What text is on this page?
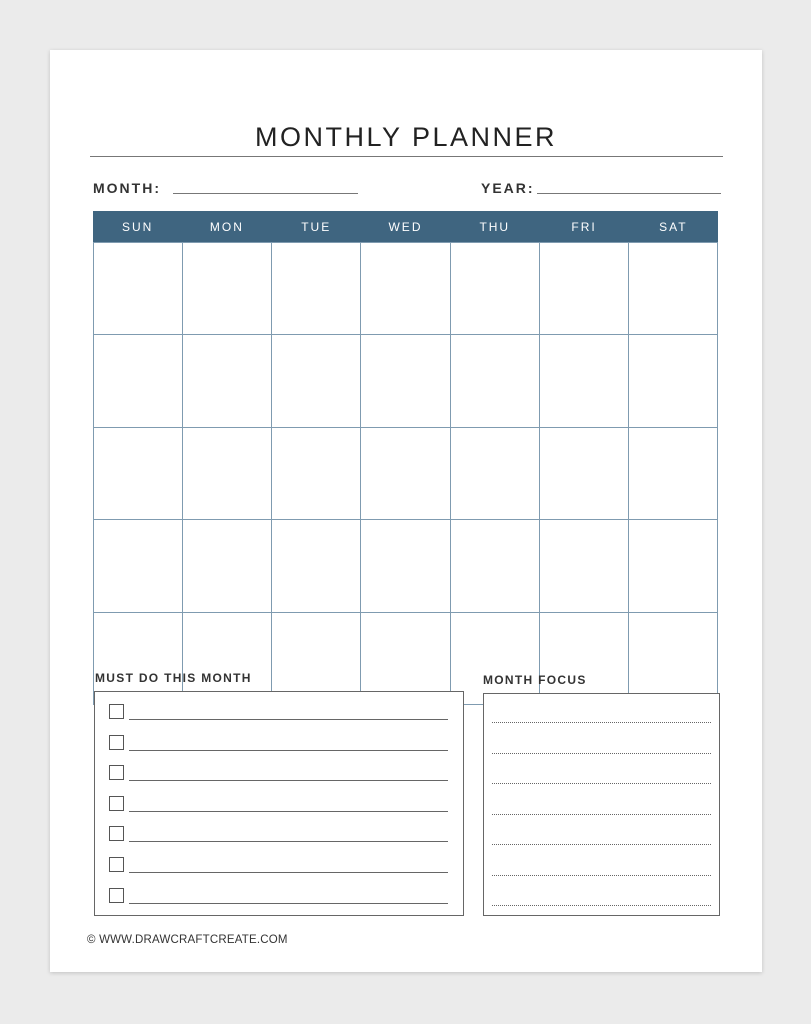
MONTHLY PLANNER
MONTH:	YEAR:
SUN	MON	TUE	WED	THU	FRI	SAT
MUST DO THIS MONTH	MONTH FOCUS
© WWW.DRAWCRAFTCREATE.COM
